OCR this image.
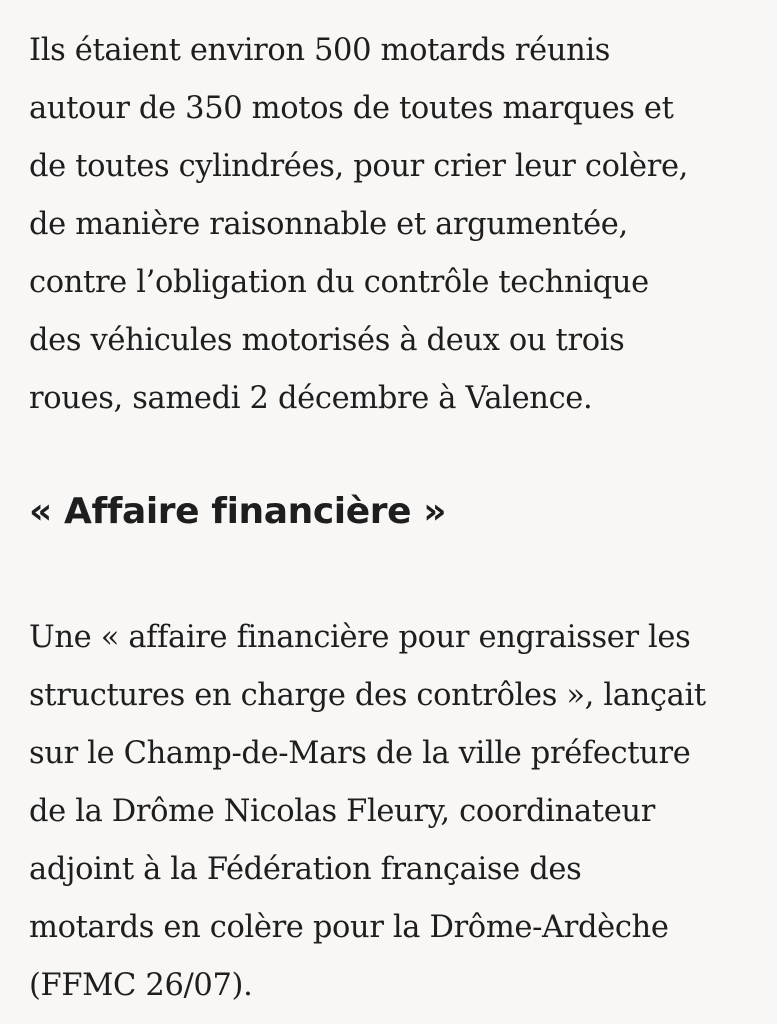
Ils étaient environ 500 motards réunis
autour de 350 motos de toutes marques et
de toutes cylindrées, pour crier leur colère,
de manière raisonnable et argumentée,
contre l’obligation du contrôle technique
des véhicules motorisés à deux ou trois
roues, samedi 2 décembre à Valence.

« Affaire financière »

Une « affaire financière pour engraisser les
structures en charge des contrôles », lançait
sur le Champ-de-Mars de la ville préfecture
de la Drôme Nicolas Fleury, coordinateur
adjoint à la Fédération française des
motards en colère pour la Drôme-Ardèche
(FFMC 26/07).
